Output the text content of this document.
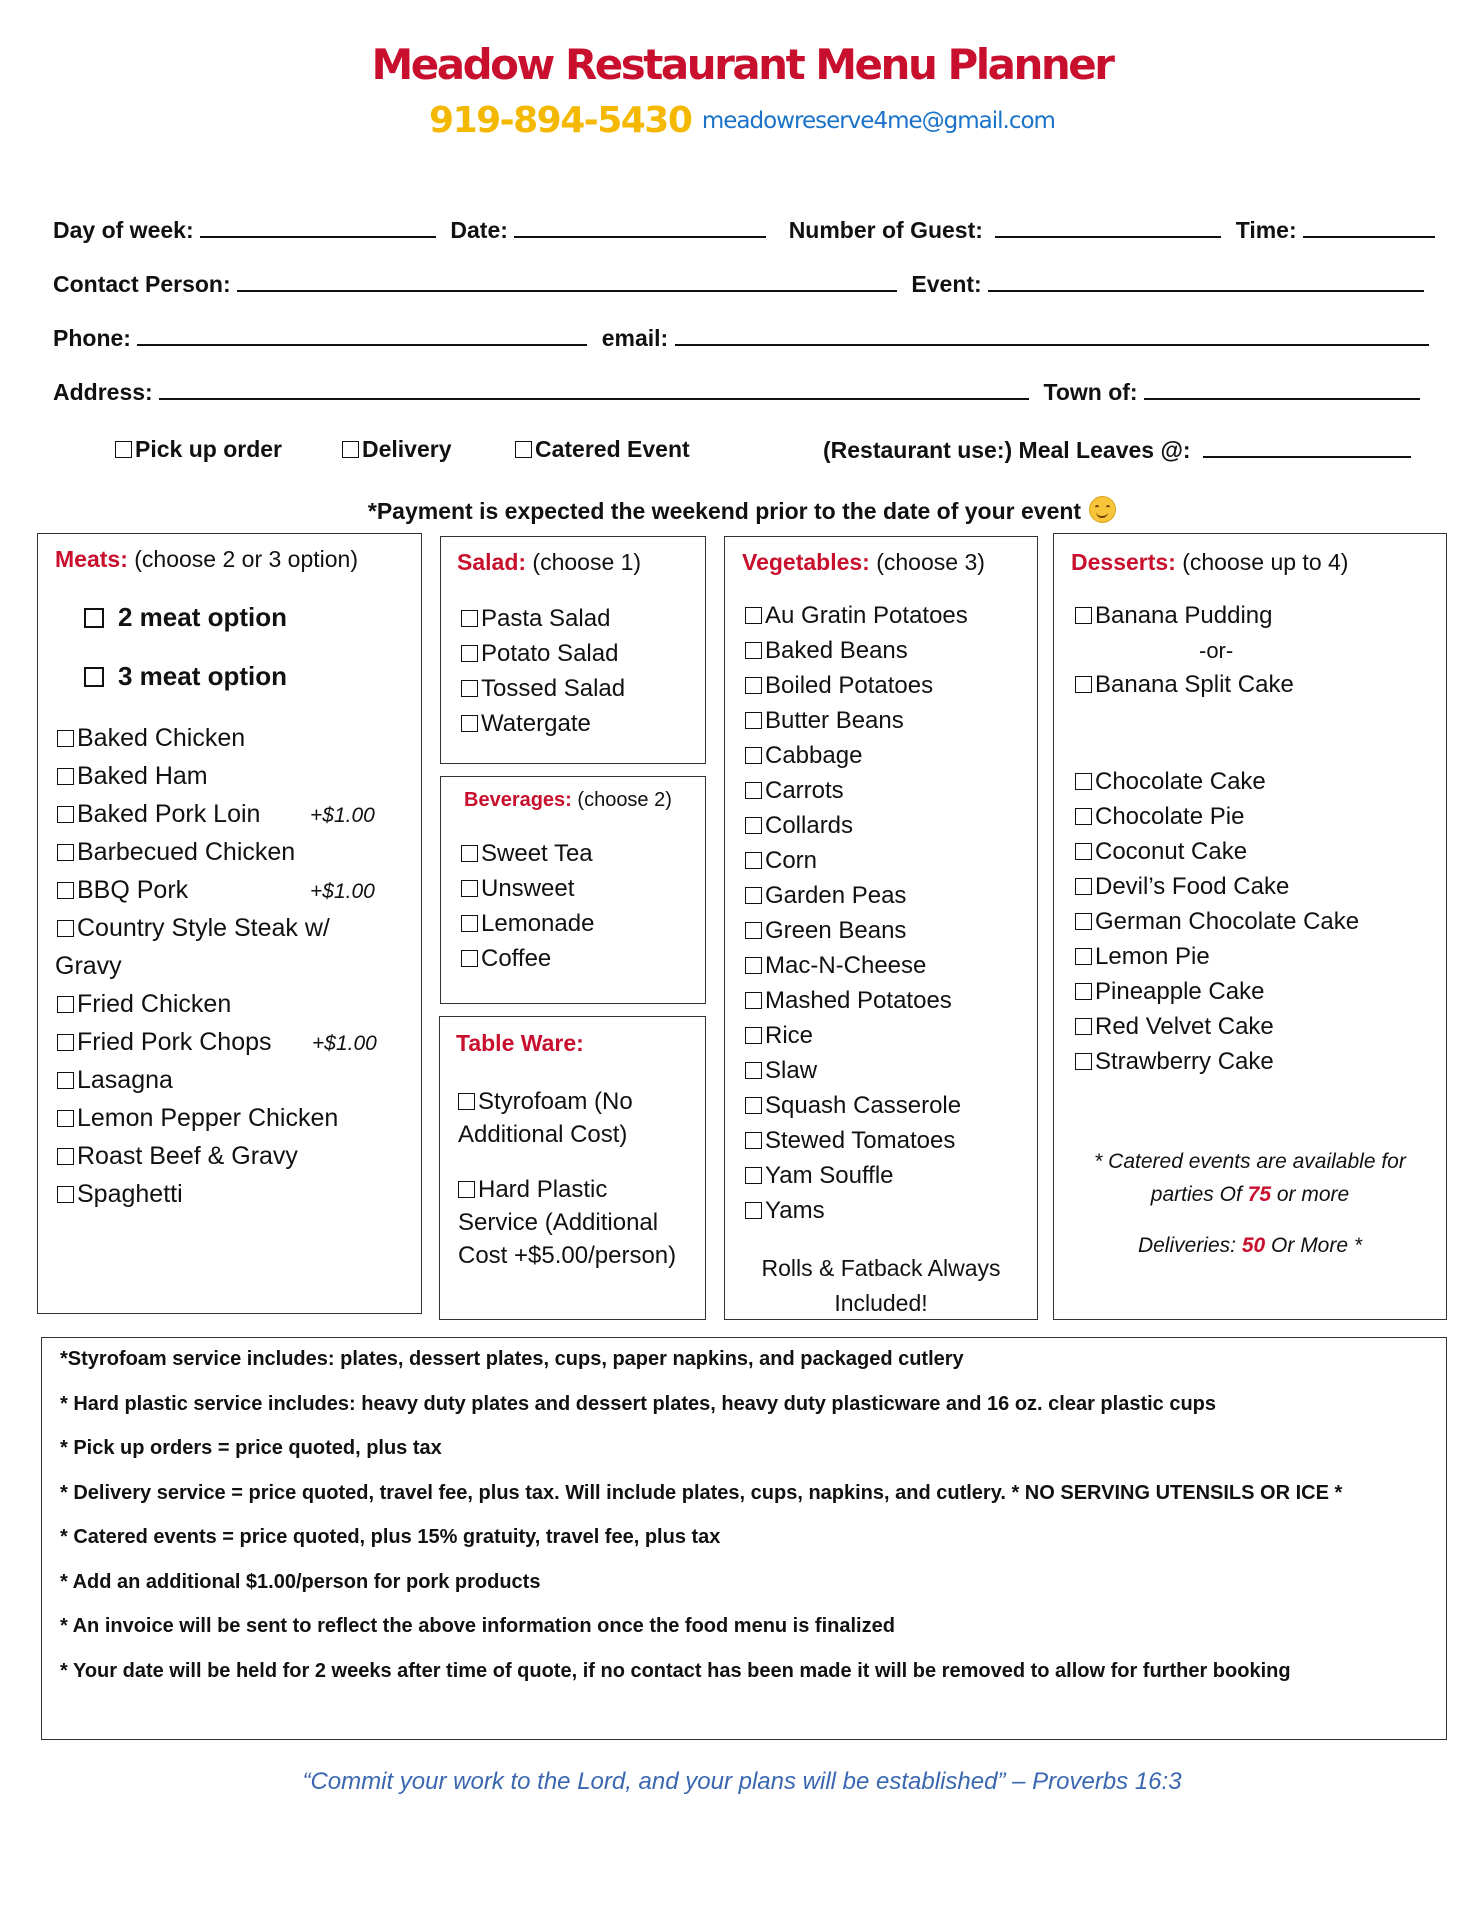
Meadow Restaurant Menu Planner
919-894-5430 meadowreserve4me@gmail.com
Day of week:	Date:	Number of Guest:	Time:
Contact Person:	Event:
Phone:	email:
Address:	Town of:
Pick up order	Delivery	Catered Event	(Restaurant use:) Meal Leaves @:
*Payment is expected the weekend prior to the date of your event
Meats: (choose 2 or 3 option)
2 meat option
3 meat option
Baked Chicken
Baked Ham
Baked Pork Loin +$1.00
Barbecued Chicken
BBQ Pork	+$1.00
Country Style Steak w/
Gravy
Fried Chicken
Fried Pork Chops +$1.00
Lasagna
Lemon Pepper Chicken
Roast Beef & Gravy
Spaghetti
Salad: (choose 1)
Pasta Salad
Potato Salad
Tossed Salad
Watergate
Beverages: (choose 2)
Sweet Tea
Unsweet
Lemonade
Coffee
Table Ware:
Styrofoam (No
Additional Cost)
Hard Plastic
Service (Additional
Cost +$5.00/person)
Vegetables: (choose 3)
Au Gratin Potatoes
Baked Beans
Boiled Potatoes
Butter Beans
Cabbage
Carrots
Collards
Corn
Garden Peas
Green Beans
Mac-N-Cheese
Mashed Potatoes
Rice
Slaw
Squash Casserole
Stewed Tomatoes
Yam Souffle
Yams
Rolls & Fatback Always
Included!
Desserts: (choose up to 4)
Banana Pudding
-or-
Banana Split Cake
Chocolate Cake
Chocolate Pie
Coconut Cake
Devil’s Food Cake
German Chocolate Cake
Lemon Pie
Pineapple Cake
Red Velvet Cake
Strawberry Cake
* Catered events are available for
parties Of 75 or more
Deliveries: 50 Or More *
*Styrofoam service includes: plates, dessert plates, cups, paper napkins, and packaged cutlery
* Hard plastic service includes: heavy duty plates and dessert plates, heavy duty plasticware and 16 oz. clear plastic cups
* Pick up orders = price quoted, plus tax
* Delivery service = price quoted, travel fee, plus tax. Will include plates, cups, napkins, and cutlery. * NO SERVING UTENSILS OR ICE *
* Catered events = price quoted, plus 15% gratuity, travel fee, plus tax
* Add an additional $1.00/person for pork products
* An invoice will be sent to reflect the above information once the food menu is finalized
* Your date will be held for 2 weeks after time of quote, if no contact has been made it will be removed to allow for further booking
“Commit your work to the Lord, and your plans will be established” – Proverbs 16:3
